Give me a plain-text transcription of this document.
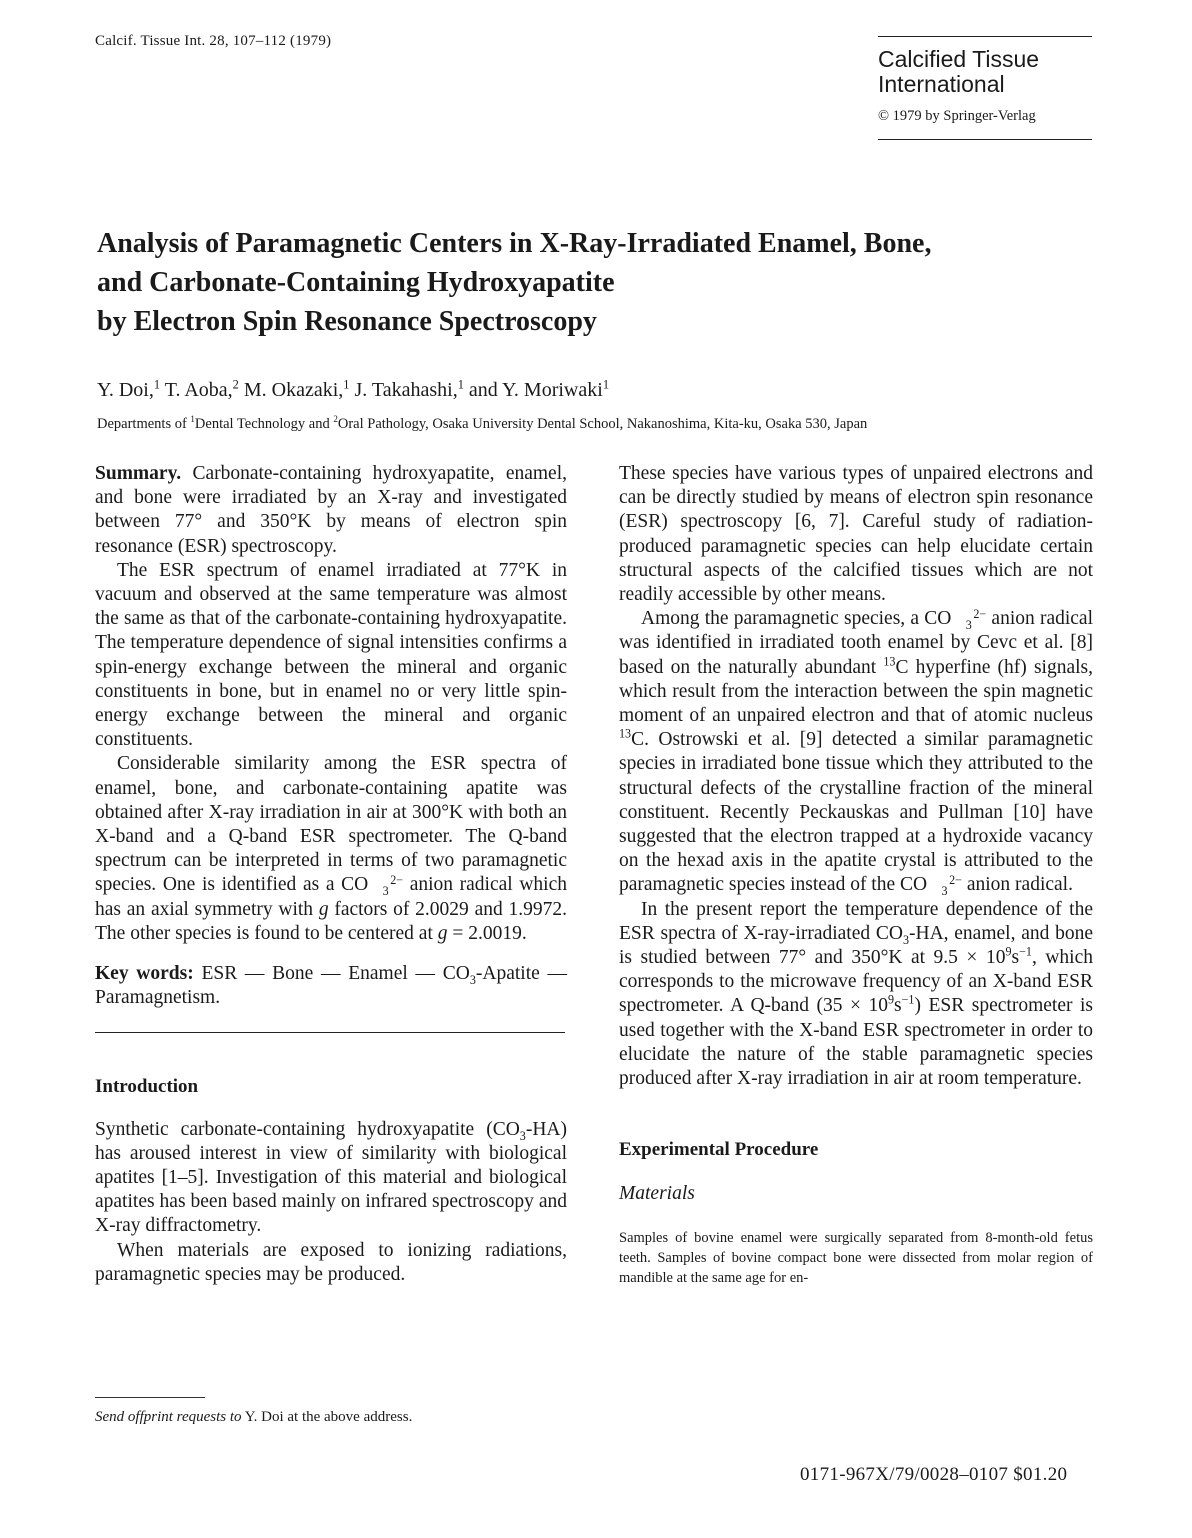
Calcif. Tissue Int. 28, 107–112 (1979)
Calcified Tissue
International
© 1979 by Springer-Verlag
Analysis of Paramagnetic Centers in X-Ray-Irradiated Enamel, Bone,
and Carbonate-Containing Hydroxyapatite
by Electron Spin Resonance Spectroscopy
Y. Doi,$^1$ T. Aoba,$^2$ M. Okazaki,$^1$ J. Takahashi,$^1$ and Y. Moriwaki$^1$
Departments of $^1$Dental Technology and $^2$Oral Pathology, Osaka University Dental School, Nakanoshima, Kita-ku, Osaka 530, Japan

Summary. Carbonate-containing hydroxyapatite, enamel, and bone were irradiated by an X-ray and investigated between 77° and 350°K by means of electron spin resonance (ESR) spectroscopy.

The ESR spectrum of enamel irradiated at 77°K in vacuum and observed at the same temperature was almost the same as that of the carbonate-containing hydroxyapatite. The temperature dependence of signal intensities confirms a spin-energy exchange between the mineral and organic constituents in bone, but in enamel no or very little spin-energy exchange between the mineral and organic constituents.

Considerable similarity among the ESR spectra of enamel, bone, and carbonate-containing apatite was obtained after X-ray irradiation in air at 300°K with both an X-band and a Q-band ESR spectrometer. The Q-band spectrum can be interpreted in terms of two paramagnetic species. One is identified as a CO 2−
3 anion radical which has an axial symmetry with g factors of 2.0029 and 1.9972. The other species is found to be centered at g = 2.0019.

Key words: ESR — Bone — Enamel — $CO_3$-Apatite — Paramagnetism.

Introduction

Synthetic carbonate-containing hydroxyapatite $(CO_3-HA)$ has aroused interest in view of similarity with biological apatites [1–5]. Investigation of this material and biological apatites has been based mainly on infrared spectroscopy and X-ray diffractometry.

When materials are exposed to ionizing radiations, paramagnetic species may be produced.

These species have various types of unpaired electrons and can be directly studied by means of electron spin resonance (ESR) spectroscopy [6, 7]. Careful study of radiation-produced paramagnetic species can help elucidate certain structural aspects of the calcified tissues which are not readily accessible by other means.

Among the paramagnetic species, a CO 2−
3 anion radical was identified in irradiated tooth enamel by Cevc et al. [8] based on the naturally abundant $^{13}$C hyperfine (hf) signals, which result from the interaction between the spin magnetic moment of an unpaired electron and that of atomic nucleus $^{13}$C. Ostrowski et al. [9] detected a similar paramagnetic species in irradiated bone tissue which they attributed to the structural defects of the crystalline fraction of the mineral constituent. Recently Peckauskas and Pullman [10] have suggested that the electron trapped at a hydroxide vacancy on the hexad axis in the apatite crystal is attributed to the paramagnetic species instead of the CO 2−
3 anion radical.

In the present report the temperature dependence of the ESR spectra of X-ray-irradiated $CO_3-HA$, enamel, and bone is studied between 77° and 350°K at $9.5 \times 10^9s^{-1}$, which corresponds to the microwave frequency of an X-band ESR spectrometer. A Q-band $(35 \times 10^9s^{-1})$ ESR spectrometer is used together with the X-band ESR spectrometer in order to elucidate the nature of the stable paramagnetic species produced after X-ray irradiation in air at room temperature.

Experimental Procedure
Materials

Samples of bovine enamel were surgically separated from 8-month-old fetus teeth. Samples of bovine compact bone were dissected from molar region of mandible at the same age for en-

Send offprint requests to Y. Doi at the above address.
0171-967X/79/0028–0107 $01.20
